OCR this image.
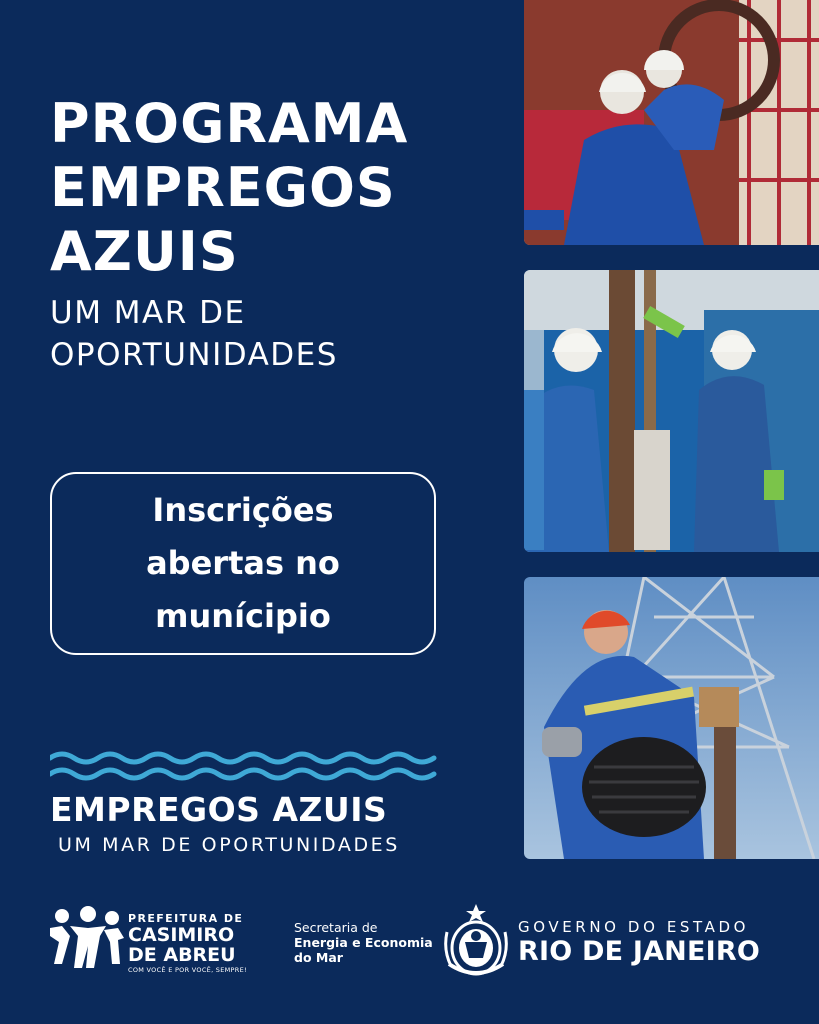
PROGRAMA
EMPREGOS
AZUIS
UM MAR DE
OPORTUNIDADES
Inscrições
abertas no
munícipio
EMPREGOS AZUIS
UM MAR DE OPORTUNIDADES
PREFEITURA DE
CASIMIRO
DE ABREU
COM VOCÊ E POR VOCÊ, SEMPRE!
Secretaria de
Energia e Economia
do Mar
GOVERNO DO ESTADO
RIO DE JANEIRO
